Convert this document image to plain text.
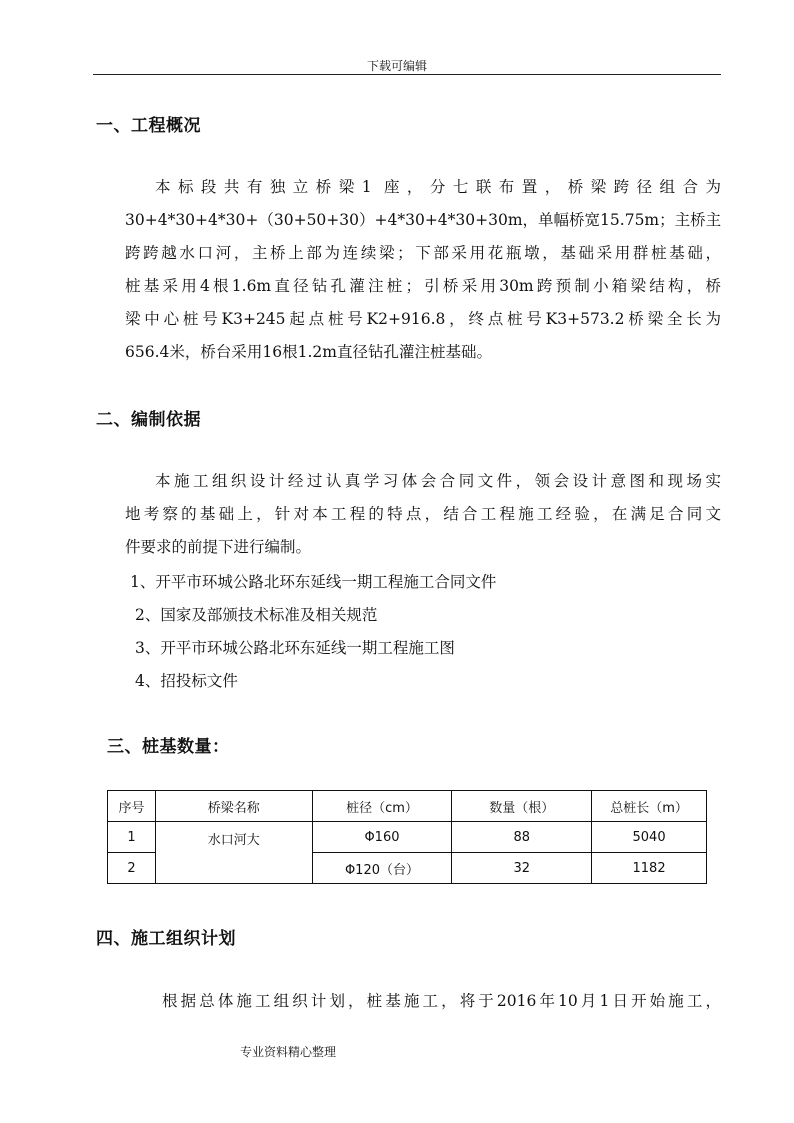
下载可编辑
一、工程概况
本标段共有独立桥梁1 座，分七联布置，桥梁跨径组合为
30+4*30+4*30+（30+50+30）+4*30+4*30+30m，单幅桥宽15.75m；主桥主
跨跨越水口河，主桥上部为连续梁；下部采用花瓶墩，基础采用群桩基础，
桩基采用4根1.6m直径钻孔灌注桩；引桥采用30m跨预制小箱梁结构，桥
梁中心桩号K3+245起点桩号K2+916.8，终点桩号K3+573.2桥梁全长为
656.4米，桥台采用16根1.2m直径钻孔灌注桩基础。
二、编制依据
本施工组织设计经过认真学习体会合同文件，领会设计意图和现场实
地考察的基础上，针对本工程的特点，结合工程施工经验，在满足合同文
件要求的前提下进行编制。
1、开平市环城公路北环东延线一期工程施工合同文件
2、国家及部颁技术标准及相关规范
3、开平市环城公路北环东延线一期工程施工图
4、招投标文件
三、桩基数量：
序号	桥梁名称	桩径（cm）	数量（根）	总桩长（m）
1	水口河大	Φ160	88	5040
2		Φ120（台）	32	1182
四、施工组织计划
根据总体施工组织计划，桩基施工，将于2016年10月1日开始施工，
专业资料精心整理
